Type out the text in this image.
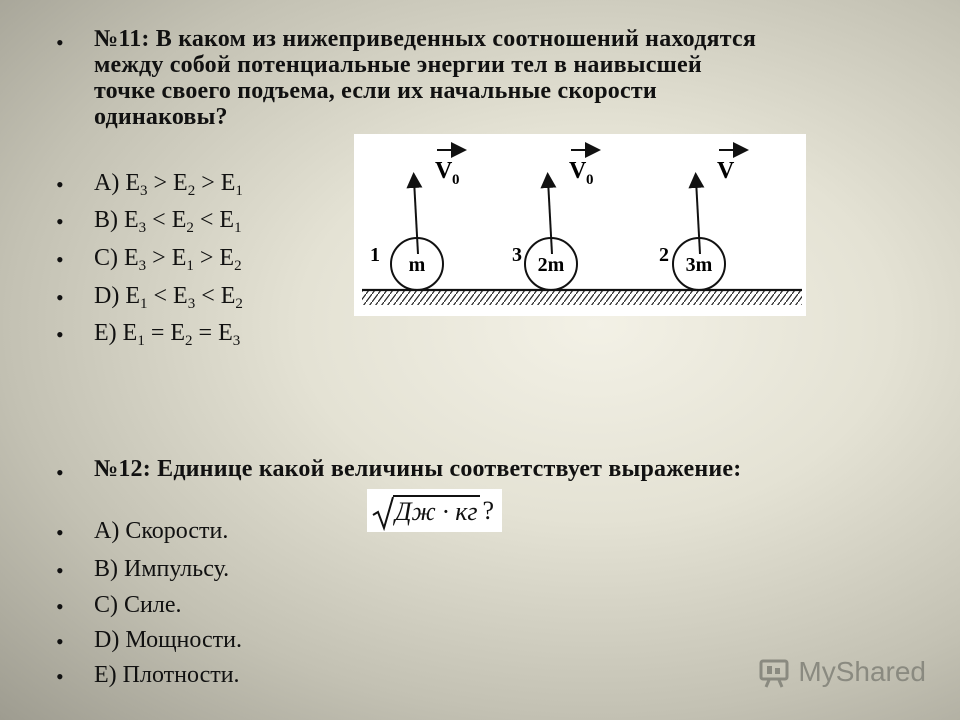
• №11: В каком из нижеприведенных соотношений находятся
между собой потенциальные энергии тел в наивысшей
точке своего подъема, если их начальные скорости
одинаковы?

• A) $E_3 > E_2 > E_1$
• B) $E_3 < E_2 < E_1$
• C) $E_3 > E_1 > E_2$
• D) $E_1 < E_3 < E_2$
• E) $E_1 = E_2 = E_3$
m
1
V 0
2m
3
V 0
3m
2
V
• №12: Единице какой величины соответствует выражение:
Дж · кг ?
• A) Скорости.
• B) Импульсу.
• C) Силе.
• D) Мощности.
• E) Плотности.	MyShared
